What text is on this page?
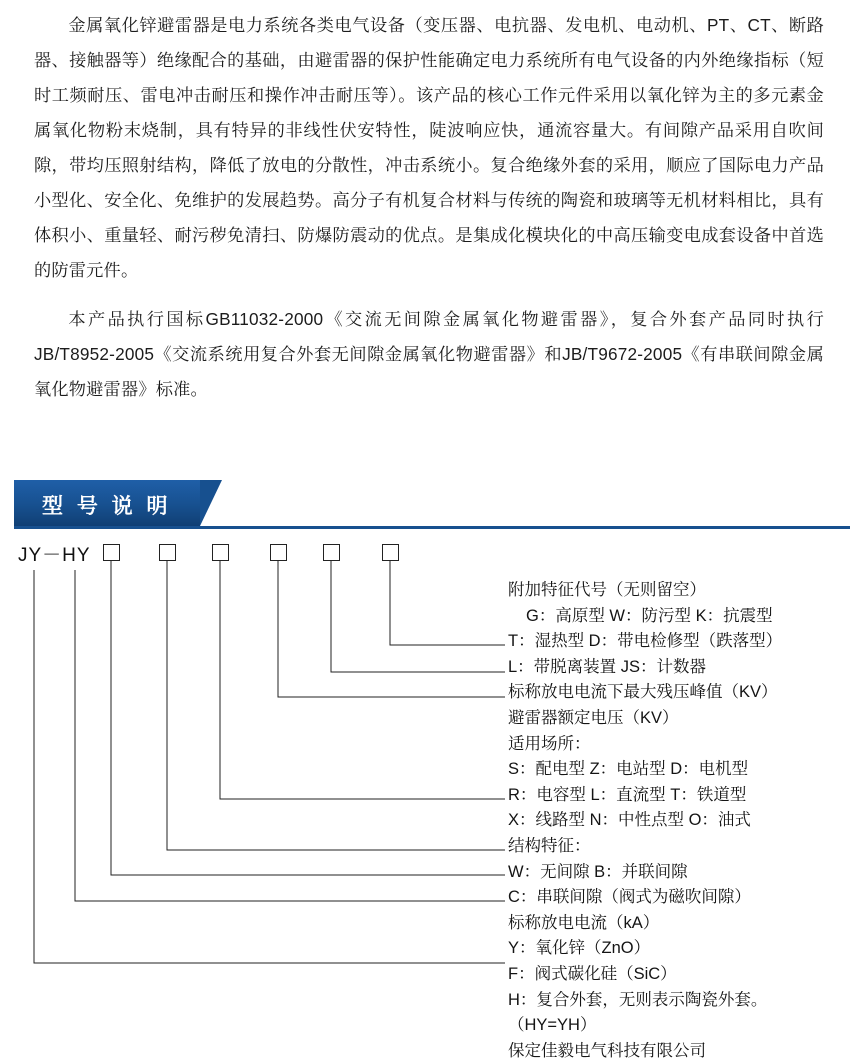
金属氧化锌避雷器是电力系统各类电气设备（变压器、电抗器、发电机、电动机、PT、CT、断路器、接触器等）绝缘配合的基础，由避雷器的保护性能确定电力系统所有电气设备的内外绝缘指标（短时工频耐压、雷电冲击耐压和操作冲击耐压等）。该产品的核心工作元件采用以氧化锌为主的多元素金属氧化物粉末烧制，具有特异的非线性伏安特性，陡波响应快，通流容量大。有间隙产品采用自吹间隙，带均压照射结构，降低了放电的分散性，冲击系统小。复合绝缘外套的采用，顺应了国际电力产品小型化、安全化、免维护的发展趋势。高分子有机复合材料与传统的陶瓷和玻璃等无机材料相比，具有体积小、重量轻、耐污秽免清扫、防爆防震动的优点。是集成化模块化的中高压输变电成套设备中首选的防雷元件。

本产品执行国标GB11032-2000《交流无间隙金属氧化物避雷器》，复合外套产品同时执行JB/T8952-2005《交流系统用复合外套无间隙金属氧化物避雷器》和JB/T9672-2005《有串联间隙金属氧化物避雷器》标准。

型 号 说 明
JY－HY
附加特征代号（无则留空）
G：高原型 W：防污型 K：抗震型
T：湿热型 D：带电检修型（跌落型）
L：带脱离装置 JS：计数器
标称放电电流下最大残压峰值（KV）
避雷器额定电压（KV）
适用场所：
S：配电型 Z：电站型 D：电机型
R：电容型 L：直流型 T：铁道型
X：线路型 N：中性点型 O：油式
结构特征：
W：无间隙 B：并联间隙
C：串联间隙（阀式为磁吹间隙）
标称放电电流（kA）
Y：氧化锌（ZnO）
F：阀式碳化硅（SiC）
H：复合外套，无则表示陶瓷外套。
（HY=YH）
保定佳毅电气科技有限公司
